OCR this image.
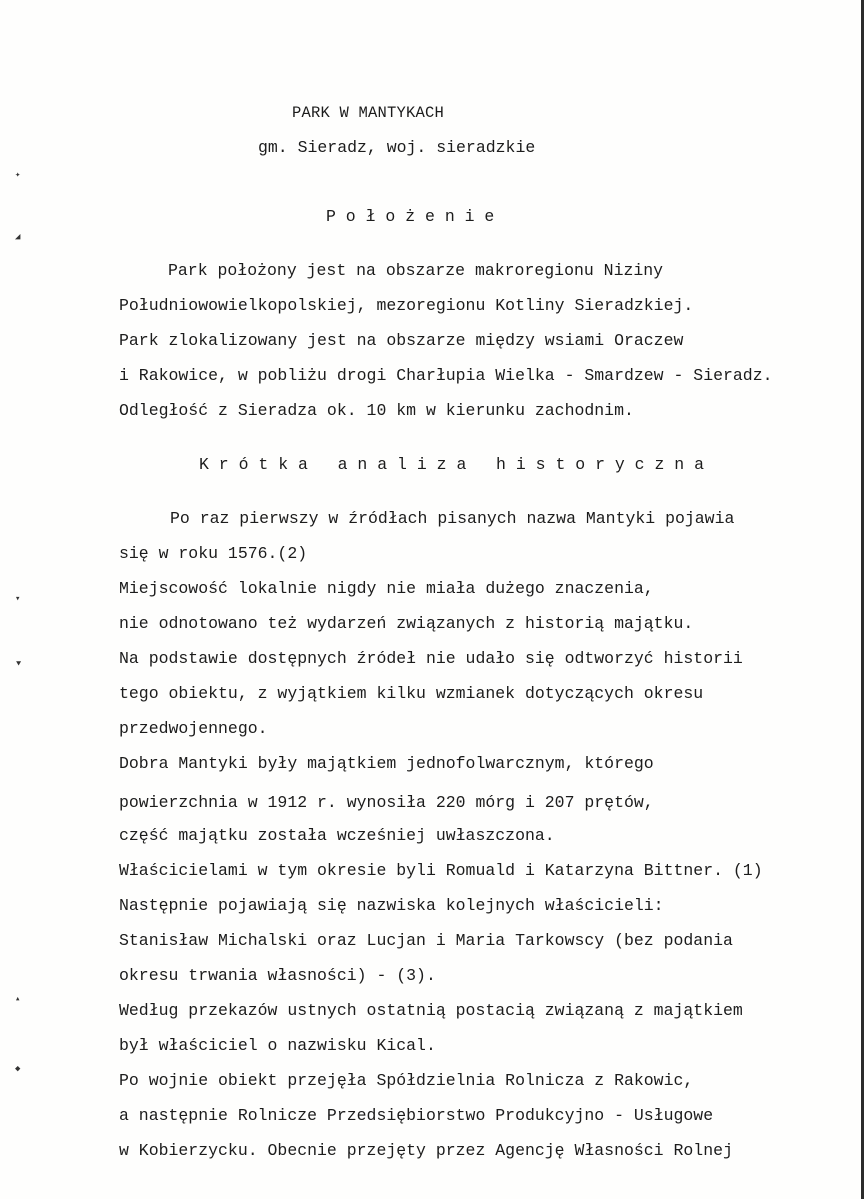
✦
◢
▾
⯆
▴
◆
PARK W MANTYKACH
gm. Sieradz, woj. sieradzkie
P o ł o ż e n i e
Park położony jest na obszarze makroregionu Niziny
Południowowielkopolskiej, mezoregionu Kotliny Sieradzkiej.
Park zlokalizowany jest na obszarze między wsiami Oraczew
i Rakowice, w pobliżu drogi Charłupia Wielka - Smardzew - Sieradz.
Odległość z Sieradza ok. 10 km w kierunku zachodnim.
K r ó t k a   a n a l i z a   h i s t o r y c z n a
Po raz pierwszy w źródłach pisanych nazwa Mantyki pojawia
się w roku 1576.(2)
Miejscowość lokalnie nigdy nie miała dużego znaczenia,
nie odnotowano też wydarzeń związanych z historią majątku.
Na podstawie dostępnych źródeł nie udało się odtworzyć historii
tego obiektu, z wyjątkiem kilku wzmianek dotyczących okresu
przedwojennego.
Dobra Mantyki były majątkiem jednofolwarcznym, którego
powierzchnia w 1912 r. wynosiła 220 mórg i 207 prętów,
część majątku została wcześniej uwłaszczona.
Właścicielami w tym okresie byli Romuald i Katarzyna Bittner. (1)
Następnie pojawiają się nazwiska kolejnych właścicieli:
Stanisław Michalski oraz Lucjan i Maria Tarkowscy (bez podania
okresu trwania własności) - (3).
Według przekazów ustnych ostatnią postacią związaną z majątkiem
był właściciel o nazwisku Kical.
Po wojnie obiekt przejęła Spółdzielnia Rolnicza z Rakowic,
a następnie Rolnicze Przedsiębiorstwo Produkcyjno - Usługowe
w Kobierzycku. Obecnie przejęty przez Agencję Własności Rolnej
